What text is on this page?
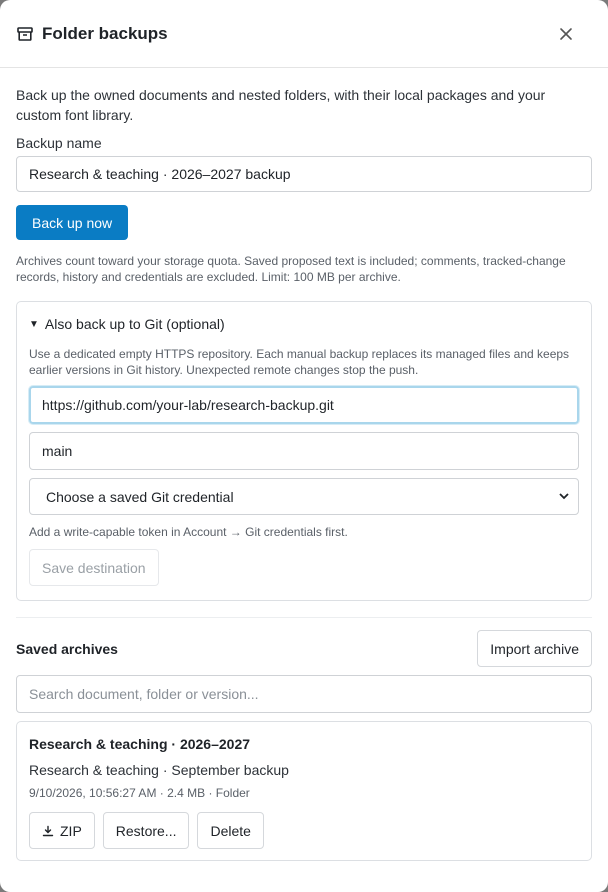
Folder backups

Back up the owned documents and nested folders, with their local packages and your custom font library.

Backup name
Research & teaching · 2026–2027 backup
Back up now

Archives count toward your storage quota. Saved proposed text is included; comments, tracked-change records, history and credentials are excluded. Limit: 100 MB per archive.

▼ Also back up to Git (optional)

Use a dedicated empty HTTPS repository. Each manual backup replaces its managed files and keeps earlier versions in Git history. Unexpected remote changes stop the push.

https://github.com/your-lab/research-backup.git
main
Choose a saved Git credential

Add a write-capable token in Account → Git credentials first.

Save destination
Saved archives	Import archive
Search document, folder or version...
Research & teaching · 2026–2027
Research & teaching · September backup
9/10/2026, 10:56:27 AM · 2.4 MB · Folder
ZIP	Restore...	Delete
